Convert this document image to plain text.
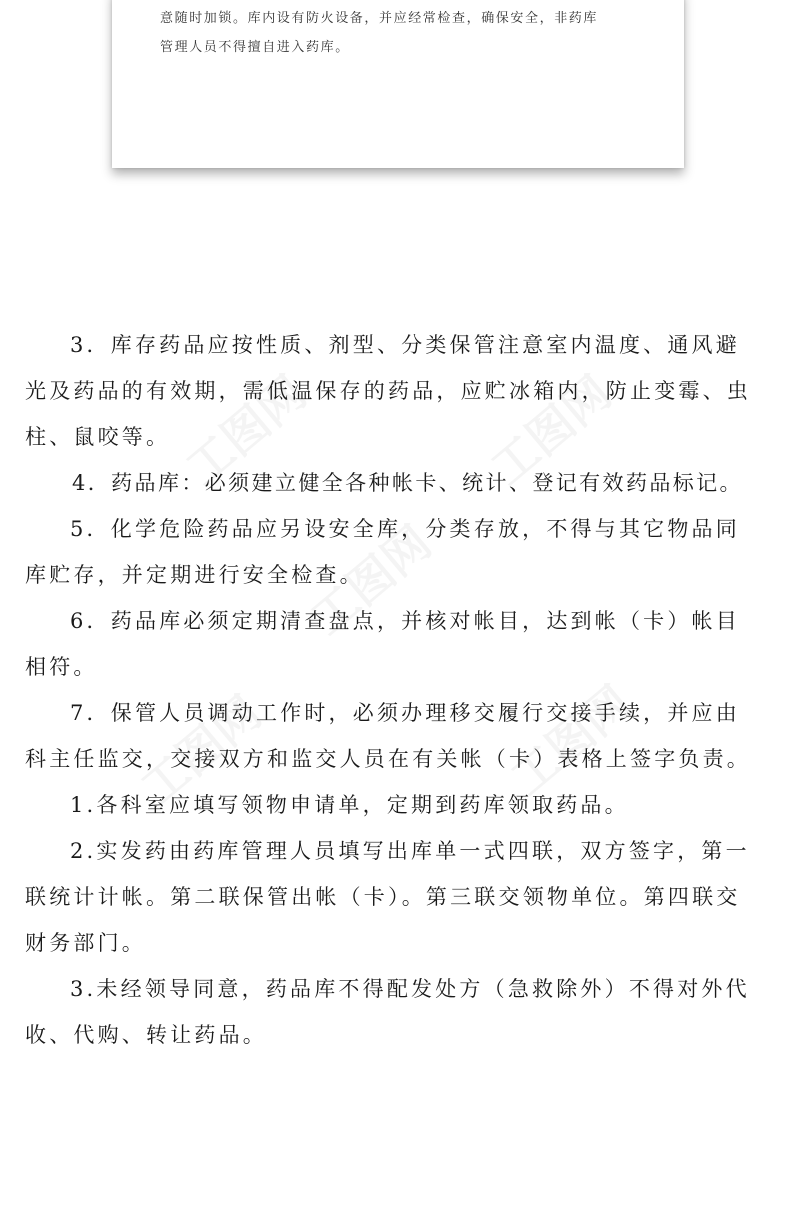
意随时加锁。库内设有防火设备，并应经常检查，确保安全，非药库
管理人员不得擅自进入药库。
3．库存药品应按性质、剂型、分类保管注意室内温度、通风避
光及药品的有效期，需低温保存的药品，应贮冰箱内，防止变霉、虫
柱、鼠咬等。
4．药品库：必须建立健全各种帐卡、统计、登记有效药品标记。
5．化学危险药品应另设安全库，分类存放，不得与其它物品同
库贮存，并定期进行安全检查。
6．药品库必须定期清查盘点，并核对帐目，达到帐（卡）帐目
相符。
7．保管人员调动工作时，必须办理移交履行交接手续，并应由
科主任监交，交接双方和监交人员在有关帐（卡）表格上签字负责。
1.各科室应填写领物申请单，定期到药库领取药品。
2.实发药由药库管理人员填写出库单一式四联，双方签字，第一
联统计计帐。第二联保管出帐（卡）。第三联交领物单位。第四联交
财务部门。
3.未经领导同意，药品库不得配发处方（急救除外）不得对外代
收、代购、转让药品。
